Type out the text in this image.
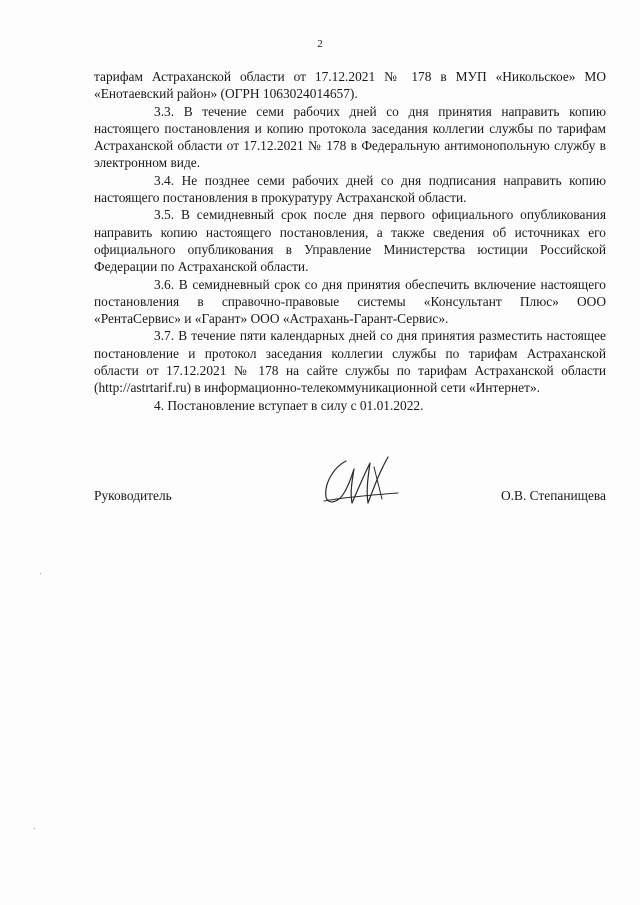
2

тарифам Астраханской области от 17.12.2021 № 178 в МУП «Никольское» МО «Енотаевский район» (ОГРН 1063024014657).

3.3. В течение семи рабочих дней со дня принятия направить копию настоящего постановления и копию протокола заседания коллегии службы по тарифам Астраханской области от 17.12.2021 № 178 в Федеральную антимонопольную службу в электронном виде.

3.4. Не позднее семи рабочих дней со дня подписания направить копию настоящего постановления в прокуратуру Астраханской области.

3.5. В семидневный срок после дня первого официального опубликования направить копию настоящего постановления, а также сведения об источниках его официального опубликования в Управление Министерства юстиции Российской Федерации по Астраханской области.

3.6. В семидневный срок со дня принятия обеспечить включение настоящего постановления в справочно-правовые системы «Консультант Плюс» ООО «РентаСервис» и «Гарант» ООО «Астрахань-Гарант-Сервис».

3.7. В течение пяти календарных дней со дня принятия разместить настоящее постановление и протокол заседания коллегии службы по тарифам Астраханской области от 17.12.2021 № 178 на сайте службы по тарифам Астраханской области (http://astrtarif.ru) в информационно-телекоммуникационной сети «Интернет».

4. Постановление вступает в силу с 01.01.2022.

Руководитель	О.В. Степанищева
